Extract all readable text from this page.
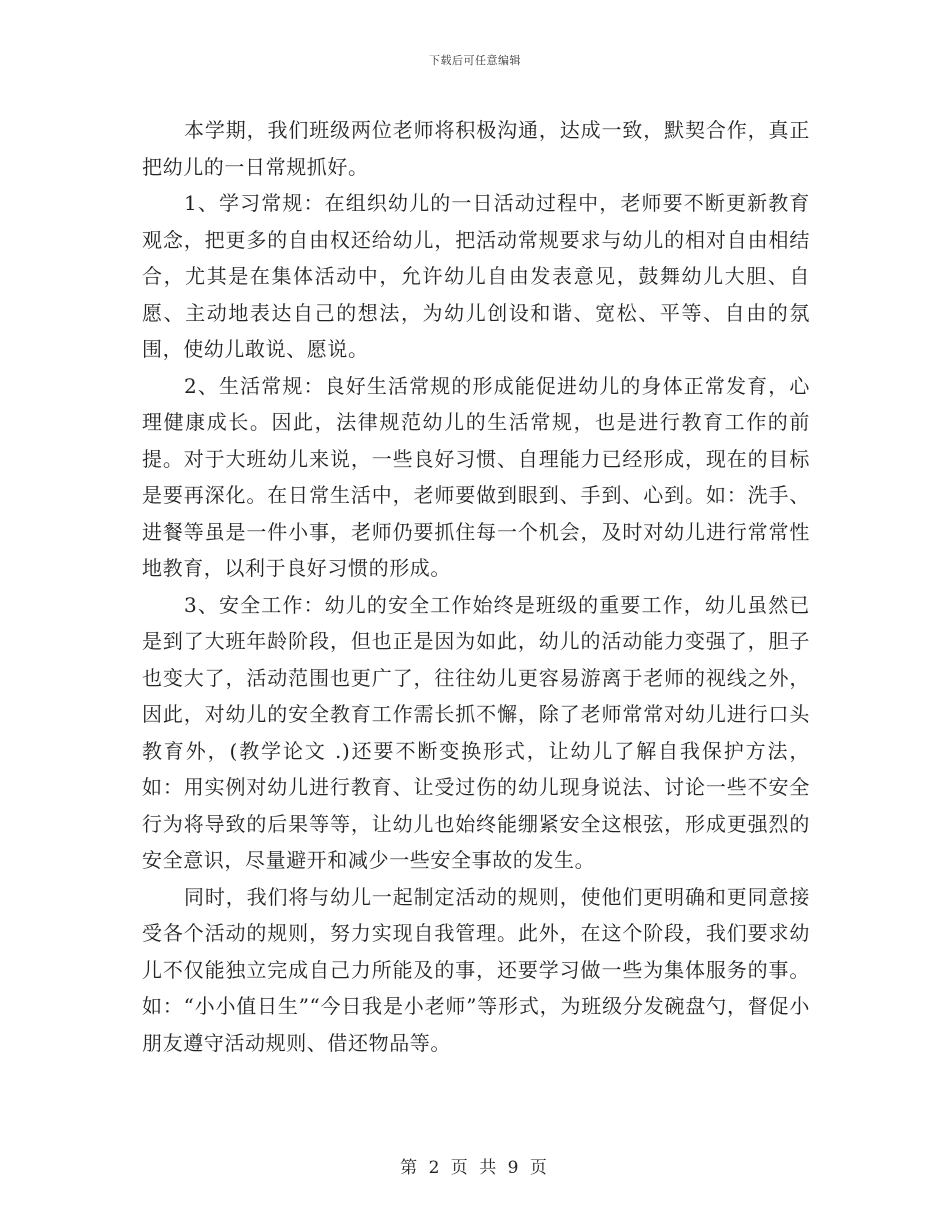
下载后可任意编辑

本学期，我们班级两位老师将积极沟通，达成一致，默契合作，真正把幼儿的一日常规抓好。

1、学习常规：在组织幼儿的一日活动过程中，老师要不断更新教育观念，把更多的自由权还给幼儿，把活动常规要求与幼儿的相对自由相结合，尤其是在集体活动中，允许幼儿自由发表意见，鼓舞幼儿大胆、自愿、主动地表达自己的想法，为幼儿创设和谐、宽松、平等、自由的氛围，使幼儿敢说、愿说。

2、生活常规：良好生活常规的形成能促进幼儿的身体正常发育，心理健康成长。因此，法律规范幼儿的生活常规，也是进行教育工作的前提。对于大班幼儿来说，一些良好习惯、自理能力已经形成，现在的目标是要再深化。在日常生活中，老师要做到眼到、手到、心到。如：洗手、进餐等虽是一件小事，老师仍要抓住每一个机会，及时对幼儿进行常常性地教育，以利于良好习惯的形成。

3、安全工作：幼儿的安全工作始终是班级的重要工作，幼儿虽然已是到了大班年龄阶段，但也正是因为如此，幼儿的活动能力变强了，胆子也变大了，活动范围也更广了，往往幼儿更容易游离于老师的视线之外，因此，对幼儿的安全教育工作需长抓不懈，除了老师常常对幼儿进行口头教育外，(教学论文 .)还要不断变换形式，让幼儿了解自我保护方法，如：用实例对幼儿进行教育、让受过伤的幼儿现身说法、讨论一些不安全行为将导致的后果等等，让幼儿也始终能绷紧安全这根弦，形成更强烈的安全意识，尽量避开和减少一些安全事故的发生。

同时，我们将与幼儿一起制定活动的规则，使他们更明确和更同意接受各个活动的规则，努力实现自我管理。此外，在这个阶段，我们要求幼儿不仅能独立完成自己力所能及的事，还要学习做一些为集体服务的事。如：“小小值日生”“今日我是小老师”等形式，为班级分发碗盘勺，督促小朋友遵守活动规则、借还物品等。

第 2 页 共 9 页
